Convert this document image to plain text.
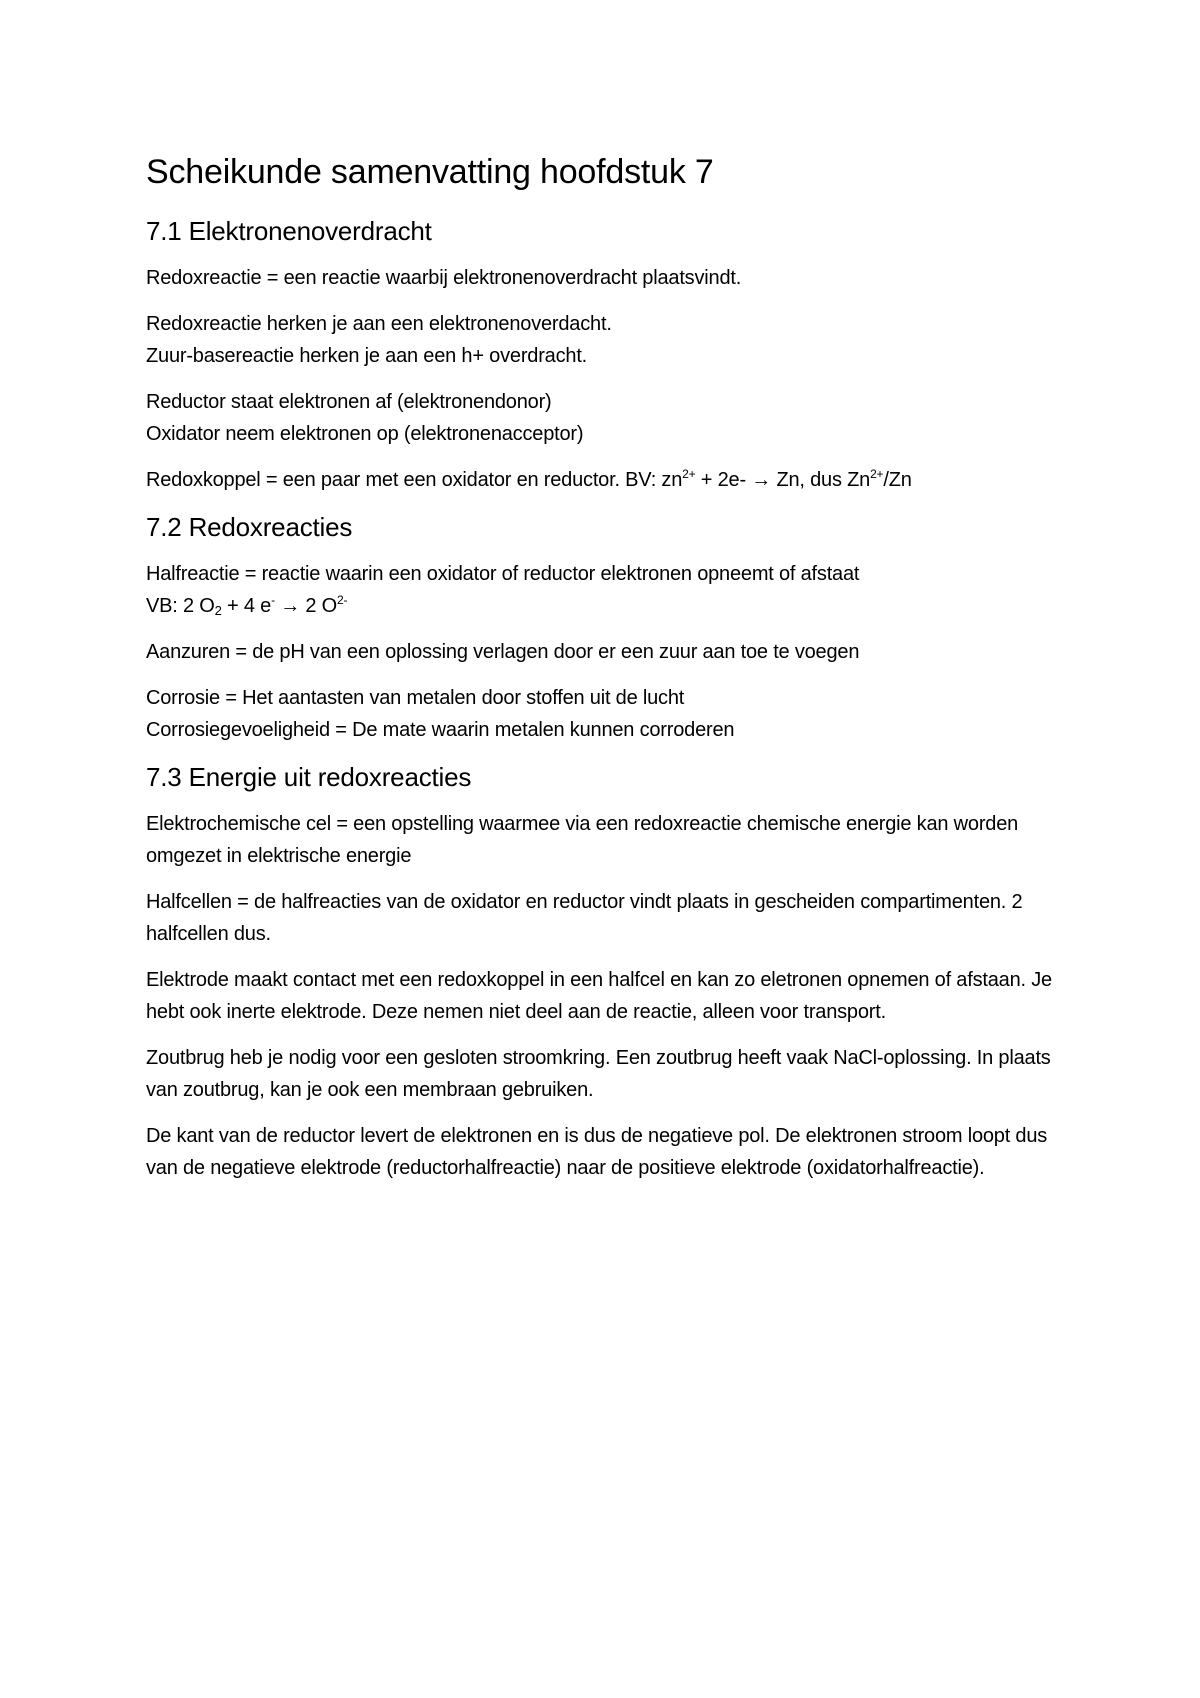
Scheikunde samenvatting hoofdstuk 7
7.1 Elektronenoverdracht

Redoxreactie = een reactie waarbij elektronenoverdracht plaatsvindt.

Redoxreactie herken je aan een elektronenoverdacht.
Zuur-basereactie herken je aan een h+ overdracht.

Reductor staat elektronen af (elektronendonor)
Oxidator neem elektronen op (elektronenacceptor)

Redoxkoppel = een paar met een oxidator en reductor. BV: $zn^{2+} + 2e- \to Zn$, dus $Zn^{2+}/Zn$

7.2 Redoxreacties

Halfreactie = reactie waarin een oxidator of reductor elektronen opneemt of afstaat
VB: 2 $O_2 + 4$ e- → 2 $O^{2-}$

Aanzuren = de pH van een oplossing verlagen door er een zuur aan toe te voegen

Corrosie = Het aantasten van metalen door stoffen uit de lucht
Corrosiegevoeligheid = De mate waarin metalen kunnen corroderen

7.3 Energie uit redoxreacties

Elektrochemische cel = een opstelling waarmee via een redoxreactie chemische energie kan worden omgezet in elektrische energie

Halfcellen = de halfreacties van de oxidator en reductor vindt plaats in gescheiden compartimenten. 2 halfcellen dus.

Elektrode maakt contact met een redoxkoppel in een halfcel en kan zo eletronen opnemen of afstaan. Je hebt ook inerte elektrode. Deze nemen niet deel aan de reactie, alleen voor transport.

Zoutbrug heb je nodig voor een gesloten stroomkring. Een zoutbrug heeft vaak NaCl-oplossing. In plaats van zoutbrug, kan je ook een membraan gebruiken.

De kant van de reductor levert de elektronen en is dus de negatieve pol. De elektronen stroom loopt dus van de negatieve elektrode (reductorhalfreactie) naar de positieve elektrode (oxidatorhalfreactie).
